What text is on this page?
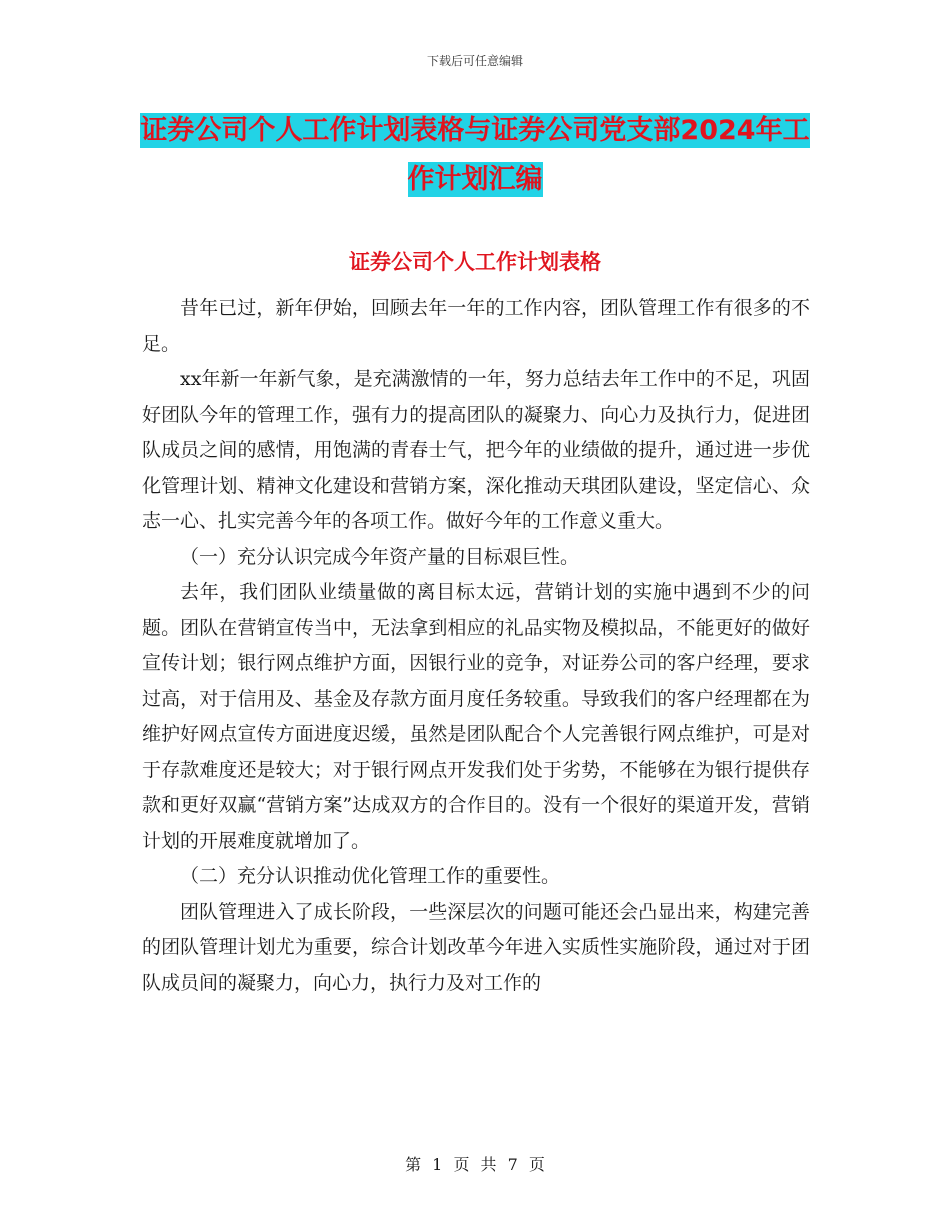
下载后可任意编辑
证券公司个人工作计划表格与证券公司党支部2024年工作计划汇编
证券公司个人工作计划表格

昔年已过，新年伊始，回顾去年一年的工作内容，团队管理工作有很多的不足。

xx年新一年新气象，是充满激情的一年，努力总结去年工作中的不足，巩固好团队今年的管理工作，强有力的提高团队的凝聚力、向心力及执行力，促进团队成员之间的感情，用饱满的青春士气，把今年的业绩做的提升，通过进一步优化管理计划、精神文化建设和营销方案，深化推动天琪团队建设，坚定信心、众志一心、扎实完善今年的各项工作。做好今年的工作意义重大。

（一）充分认识完成今年资产量的目标艰巨性。

去年，我们团队业绩量做的离目标太远，营销计划的实施中遇到不少的问题。团队在营销宣传当中，无法拿到相应的礼品实物及模拟品，不能更好的做好宣传计划；银行网点维护方面，因银行业的竞争，对证券公司的客户经理，要求过高，对于信用及、基金及存款方面月度任务较重。导致我们的客户经理都在为维护好网点宣传方面进度迟缓，虽然是团队配合个人完善银行网点维护，可是对于存款难度还是较大；对于银行网点开发我们处于劣势，不能够在为银行提供存款和更好双赢“营销方案”达成双方的合作目的。没有一个很好的渠道开发，营销计划的开展难度就增加了。

（二）充分认识推动优化管理工作的重要性。

团队管理进入了成长阶段，一些深层次的问题可能还会凸显出来，构建完善的团队管理计划尤为重要，综合计划改革今年进入实质性实施阶段，通过对于团队成员间的凝聚力，向心力，执行力及对工作的

第 1 页 共 7 页
